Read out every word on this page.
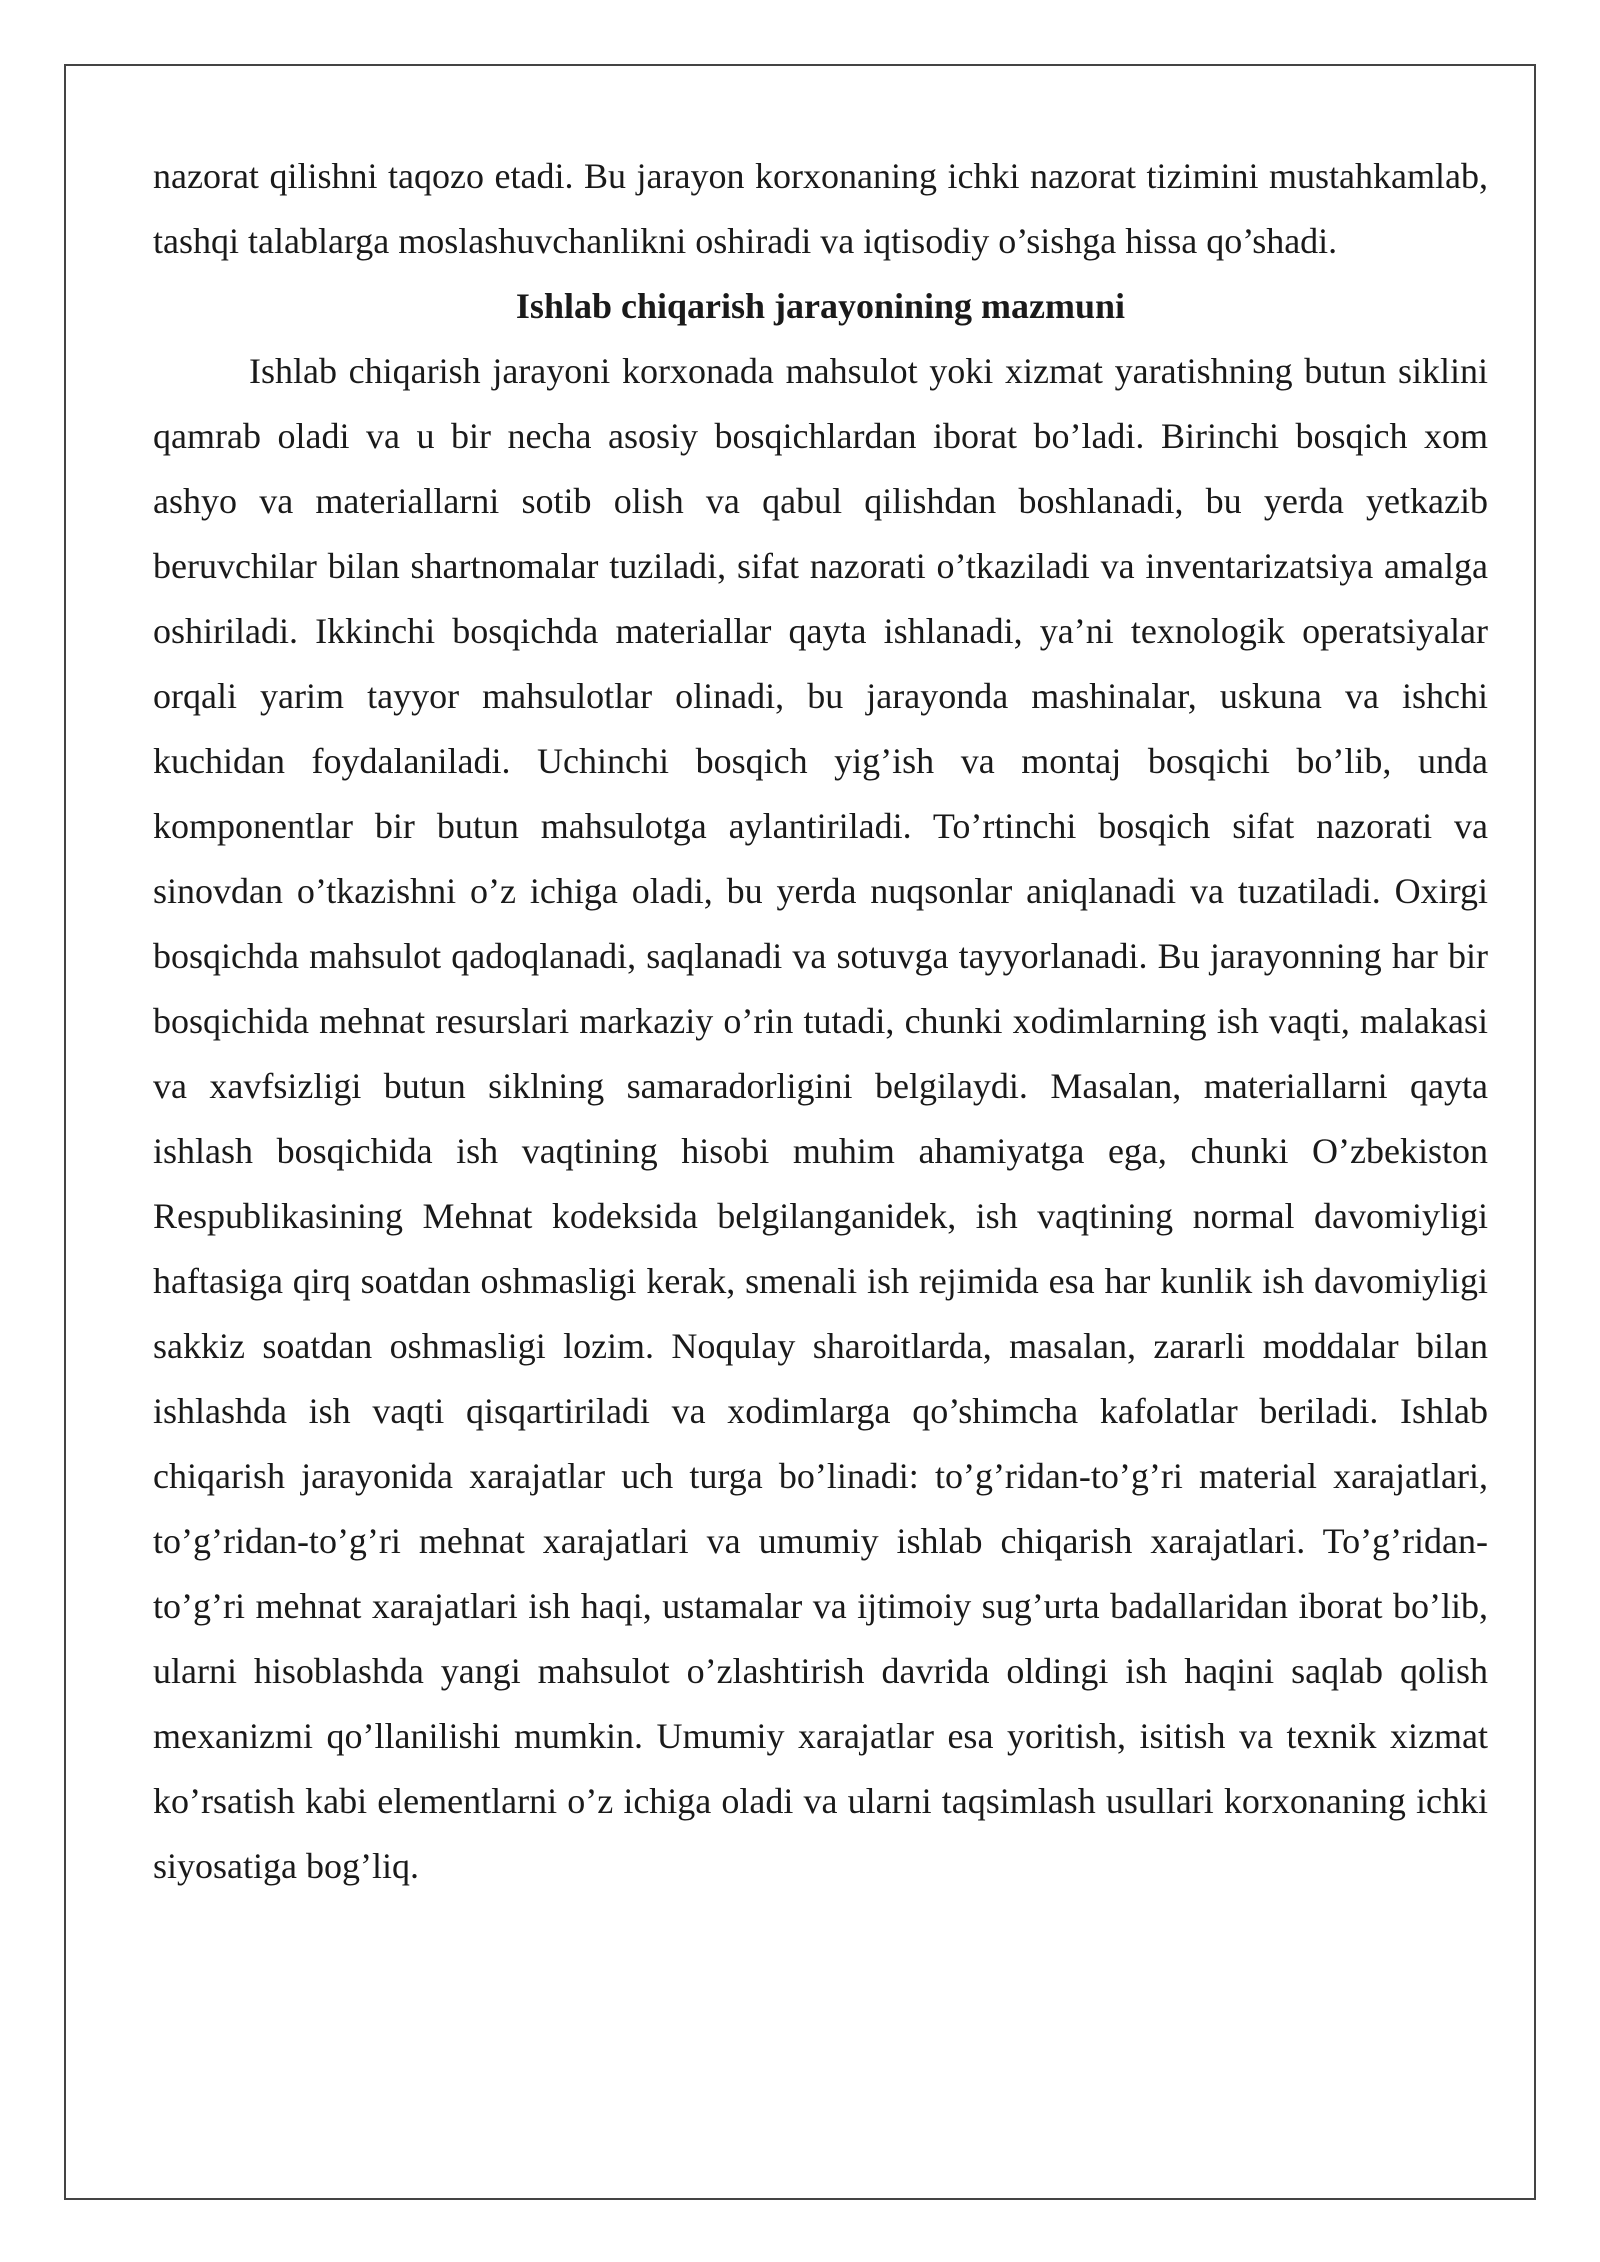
nazorat qilishni taqozo etadi. Bu jarayon korxonaning ichki nazorat tizimini mustahkamlab, tashqi talablarga moslashuvchanlikni oshiradi va iqtisodiy o’sishga hissa qo’shadi.

Ishlab chiqarish jarayonining mazmuni

Ishlab chiqarish jarayoni korxonada mahsulot yoki xizmat yaratishning butun siklini qamrab oladi va u bir necha asosiy bosqichlardan iborat bo’ladi. Birinchi bosqich xom ashyo va materiallarni sotib olish va qabul qilishdan boshlanadi, bu yerda yetkazib beruvchilar bilan shartnomalar tuziladi, sifat nazorati o’tkaziladi va inventarizatsiya amalga oshiriladi. Ikkinchi bosqichda materiallar qayta ishlanadi, ya’ni texnologik operatsiyalar orqali yarim tayyor mahsulotlar olinadi, bu jarayonda mashinalar, uskuna va ishchi kuchidan foydalaniladi. Uchinchi bosqich yig’ish va montaj bosqichi bo’lib, unda komponentlar bir butun mahsulotga aylantiriladi. To’rtinchi bosqich sifat nazorati va sinovdan o’tkazishni o’z ichiga oladi, bu yerda nuqsonlar aniqlanadi va tuzatiladi. Oxirgi bosqichda mahsulot qadoqlanadi, saqlanadi va sotuvga tayyorlanadi. Bu jarayonning har bir bosqichida mehnat resurslari markaziy o’rin tutadi, chunki xodimlarning ish vaqti, malakasi va xavfsizligi butun siklning samaradorligini belgilaydi. Masalan, materiallarni qayta ishlash bosqichida ish vaqtining hisobi muhim ahamiyatga ega, chunki O’zbekiston Respublikasining Mehnat kodeksida belgilanganidek, ish vaqtining normal davomiyligi haftasiga qirq soatdan oshmasligi kerak, smenali ish rejimida esa har kunlik ish davomiyligi sakkiz soatdan oshmasligi lozim. Noqulay sharoitlarda, masalan, zararli moddalar bilan ishlashda ish vaqti qisqartiriladi va xodimlarga qo’shimcha kafolatlar beriladi. Ishlab chiqarish jarayonida xarajatlar uch turga bo’linadi: to’g’ridan-to’g’ri material xarajatlari, to’g’ridan-to’g’ri mehnat xarajatlari va umumiy ishlab chiqarish xarajatlari. To’g’ridan-to’g’ri mehnat xarajatlari ish haqi, ustamalar va ijtimoiy sug’urta badallaridan iborat bo’lib, ularni hisoblashda yangi mahsulot o’zlashtirish davrida oldingi ish haqini saqlab qolish mexanizmi qo’llanilishi mumkin. Umumiy xarajatlar esa yoritish, isitish va texnik xizmat ko’rsatish kabi elementlarni o’z ichiga oladi va ularni taqsimlash usullari korxonaning ichki siyosatiga bog’liq.
